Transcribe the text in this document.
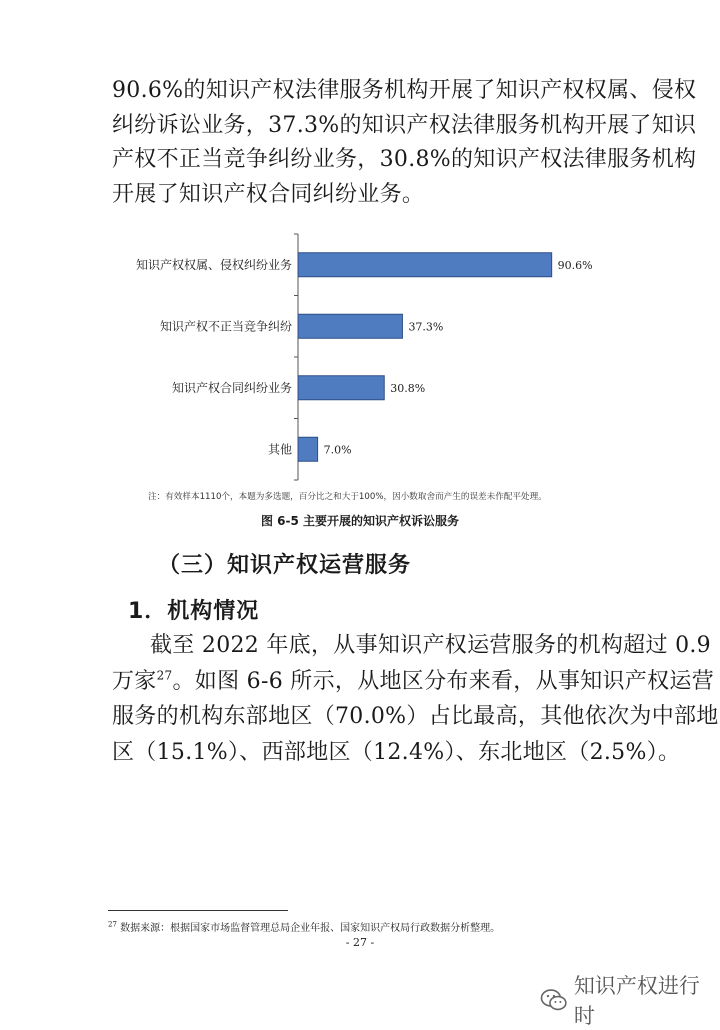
90.6%的知识产权法律服务机构开展了知识产权权属、侵权
纠纷诉讼业务，37.3%的知识产权法律服务机构开展了知识
产权不正当竞争纠纷业务，30.8%的知识产权法律服务机构
开展了知识产权合同纠纷业务。
知识产权权属、侵权纠纷业务
知识产权不正当竞争纠纷
知识产权合同纠纷业务
其他
90.6%
37.3%
30.8%
7.0%
注：有效样本1110个，本题为多选题，百分比之和大于100%，因小数取舍而产生的误差未作配平处理。
图 6-5 主要开展的知识产权诉讼服务
（三）知识产权运营服务
1．机构情况
截至 2022 年底，从事知识产权运营服务的机构超过 0.9
万家$^{27}$。如图 6-6 所示，从地区分布来看，从事知识产权运营
服务的机构东部地区（70.0%）占比最高，其他依次为中部地
区（15.1%）、西部地区（12.4%）、东北地区（2.5%）。
$^{27}$ 数据来源：根据国家市场监督管理总局企业年报、国家知识产权局行政数据分析整理。
- 27 -
知识产权进行时
